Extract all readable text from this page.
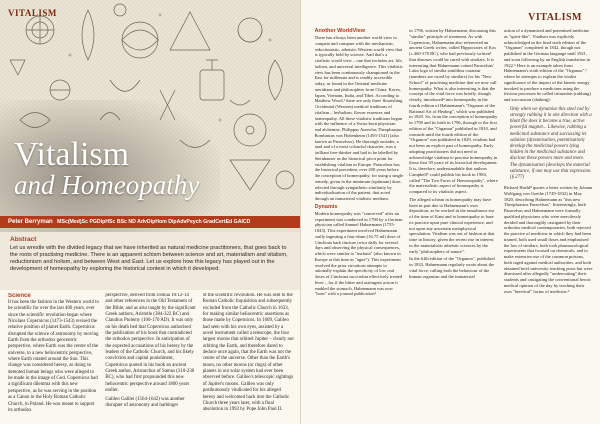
VITALISM
Vitalism
and Homeopathy
Peter Berryman MSc(Med)Sc PGDipHSc BSc ND AdvDipHom DipAdvPsych GradCertEd GAICD
Abstract

Let us wrestle with the divided legacy that we have inherited as natural medicine practitioners, that goes back to the roots of practising medicine. There is an apparent schism between science and art, materialism and vitalism, reductionism and holism, and between West and East. Let us explore how this legacy has played out in the development of homeopathy by exploring the historical context in which it developed.

Science

It has been the fashion in the Western world to be scientific for over the last 400 years, ever since the scientific revolution began where Nicolaus Copernicus (1473-1543) revised the relative position of planet Earth. Copernicus disrupted the science of astronomy by moving Earth from the orthodox geocentric perspective, where Earth was the centre of the universe, to a new heliocentric perspective, where Earth rotated around the Sun. This change was considered heresy, as doing so demoted human beings who were alleged to be made in the image of God. Copernicus had a significant dilemma with this new perspective, as he was serving in the position as a Canon in the Holy Roman Catholic Church, in Poland. He was meant to support its orthodox

perspective, derived from Joshua 10:12-14 and other references in the Old Testament of the Bible, and as also taught by the significant Greek authors, Aristotle (384-322 BC) and Claudius Ptolemy (100-170 AD). It was only on his death bed that Copernicus authorised the publication of his book that contradicted the orthodox perspective. In anticipation of the expected accusations of his heresy by the leaders of the Catholic Church, and his likely conviction and capital punishment, Copernicus quoted in his book an ancient Greek author, Aristarchus of Samos (310-230 BC), who had first propounded this new heliocentric perspective around 1800 years earlier.

Galileo Galilei (1564-1642) was another disrupter of astronomy and harbinger

of the scientific revolution. He was sent to the Roman Catholic Inquisition and subsequently excluded from the Catholic Church in 1633, for making similar heliocentric assertions as those made by Copernicus. In 1609, Galileo had seen with his own eyes, assisted by a novel instrument called a telescope, the four largest moons that orbited Jupiter – clearly not orbiting the Earth, and therefore dared to deduce once again, that the Earth was not the centre of the universe. Other than the Earth's moon, no other moons (or rings) of other planets in our solar system had ever been observed before. Galileo's telescopic sightings of Jupiter's moons. Galileo was only posthumously vindicated for his alleged heresy and welcomed back into the Catholic Church three years later, with a final absolution in 1992 by Pope John Paul II.

VITALISM
Another WorldView

There has always been another world view to compete and compare with the mechanistic, reductionistic, atheistic Western world view that is typically held by science. And that's a vitalistic world view – one that includes art, life, holism, and universal intelligence. This vitalistic view has been continuously championed in the East for millennia and is readily accessible today, as found in the Oriental medicine meridians and philosophies from China, Korea, Japan, Vietnam, India, and Tibet. According to Matthew Wood,¹ there are only three flourishing Occidental (Western) medical traditions of vitalism – herbalism, flower essences and homeopathy. All these vitalistic traditions began with the influence of a Swiss-born physician and alchemist, Philippus Aureolus Theophrastus Bombastus von Hohenheim (1493-1541) (also known as Paracelsus). He thorough outsider, a mad and of a most colourful character, was a brilliant free-thinker and had to be labelled by Steinhauser as the historical pivot point for establishing vitalism in Europe. Paracelsus has the historical precedent, over 200 years before the conception of homeopathy, for using a single remedy, given in the minimum (optimum) dose, selected through sympathetic similarity by individualisation of the patient, that acted through an immaterial vitalistic medium.

Dynamis

Modern homeopathy was "conceived" after an experiment was conducted in 1790 by a German physician called Samuel Hahnemann (1755-1843). This experiment involved Hahnemann orally ingesting a four-dram (16.75 ml) dose of Cinchona bark tincture twice daily for several days and observing the physical consequences, which were similar to "malaria" (also known in Europe at this time as "ague"). This experiment resolved the prior circuitous attempts to rationally explain the specificity of low oral doses of Cinchona succirubra effectively treated fever – for if the bitter and astringent action it enabled the stomach, Hahnemann was now "born" with a journal publication²

in 1796, written by Hahnemann, discussing this "similar" principle of treatment. As with Copernicus, Hahnemann also referenced an ancient Greek writer, called Hippocrates of Kos (c.460-370 BC), who had previously written³ that diseases could be cured with similars. It is interesting that Hahnemann coined Paracelsus' Latin logo of similia similibus curantur (numbers are cured by similars) for his "New School" of practising medicine that we now call homeopathy. What is also interesting is that the concept of the vital force was briefly, though clearly, introduced⁴ into homeopathy in the fourth edition of Hahnemann's "Organon of the Rational Art of Healing", which was published in 1829. So, from the conception of homeopathy in 1790 and its birth in 1796, through to the first edition of the "Organon" published in 1810, and onwards until the fourth edition of the "Organon" was published in 1829, vitalism had not been an explicit part of homeopathy. Early adopting practitioners did not need to acknowledge vitalism to practise homeopathy in those first 39 years of its historical development. It is, therefore, understandable that authors Campbell⁵ could publish his book in 1984, called "The Two Faces of Homoeopathy", where the materialistic aspect of homeopathy is compared to its vitalistic aspect.

The alleged schism in homeopathy may have been in part due to Hahnemann's own deposition, as he worked in the tumultuous era of the time of Kant and to homeopathy to base its practice upon pure clinical experience, and not upon any uncertain metaphysical speculation. Vitalism was out of fashion at that time in history, given the recent rise in interest in the materialistic atheistic sciences by the early "philosophers of nature".

In the fifth edition of the "Organon", published in 1833, Hahnemann regularly wrote about the vital force, calling both the behaviour of the human organism and the immaterial

action of a dynamised and potentised medicine as "spirit-like". Vitalism was explicitly acknowledged in the final sixth edition of the "Organon" completed in 1842, though not published in the German language until 1921, and soon following by an English translation in 1922.⁶ Here is an example taken from Hahnemann's sixth edition of the "Organon",⁷ where he attempts to explain the vitalist significance of the impact of the kinetic energy invoked to produce a medicines using the friction processes he called trituration (rubbing) and succussion (shaking):

Only when we dynamise this steel rod by strongly rubbing it in one direction with a blunt file does it become a true, active powerful magnet... Likewise, rubbing a medicinal substance and succussing its solution (dynamisation, potentisation) develop the medicinal powers lying hidden in the medicinal substance and disclose these powers more and more. The dynamisation (develops the material substance, if one may use that expression. (§ 277)

Richard Haehl⁸ quotes a letter written by Johann Wolfgang von Goethe (1749-1832) in May 1820, describing Hahnemann as "this new Theophrastus Paracelsus". Interestingly, both Paracelsus and Hahnemann were formally qualified physicians who were mercilessly derided and thoroughly castigated by their orthodox medical contemporaries, both rejected the practice of medicine in which they had been trained, both used small doses and emphasised the law of similars, both took pharmacological experiments that focused on chemicals, and to make extensive use of the common poisons, both raged against medical authorities, and both obtained brief university teaching posts but were dismissed after allegedly "undercutting" their students and castigating the conventional heroic medical opinion of the day by teaching their own "heretical" forms of medicine.⁹
